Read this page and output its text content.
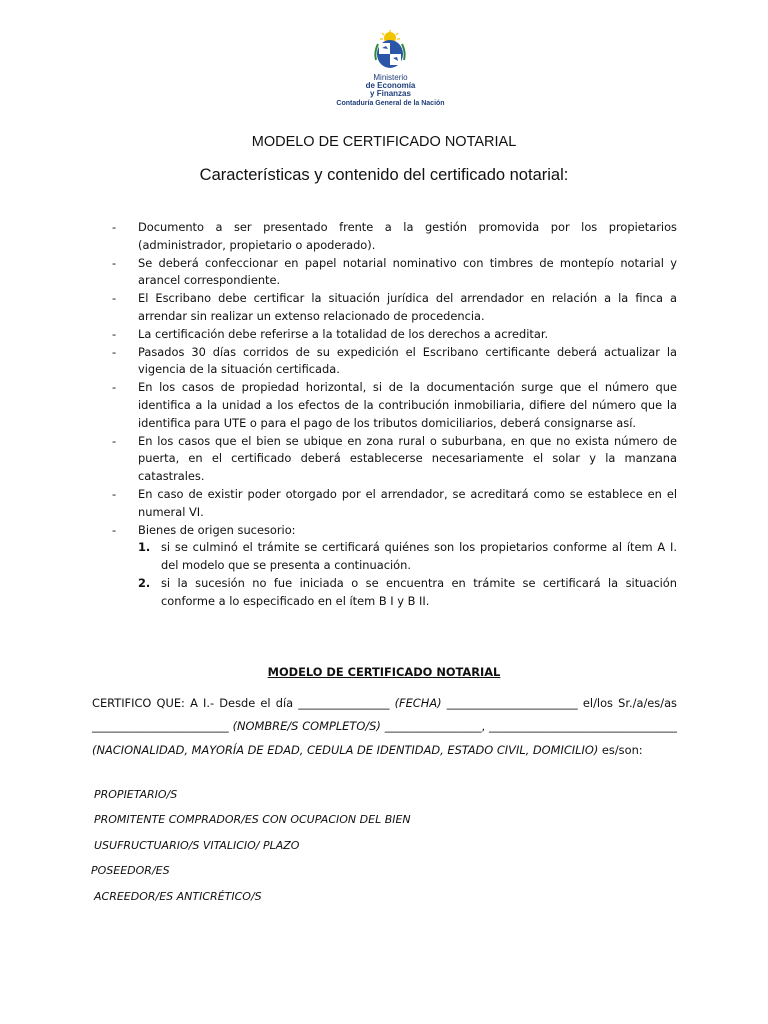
Ministerio
de Economía
y Finanzas
Contaduría General de la Nación
MODELO DE CERTIFICADO NOTARIAL
Características y contenido del certificado notarial:
- Documento a ser presentado frente a la gestión promovida por los propietarios (administrador, propietario o apoderado).
- Se deberá confeccionar en papel notarial nominativo con timbres de montepío notarial y arancel correspondiente.
- El Escribano debe certificar la situación jurídica del arrendador en relación a la finca a arrendar sin realizar un extenso relacionado de procedencia.
- La certificación debe referirse a la totalidad de los derechos a acreditar.
- Pasados 30 días corridos de su expedición el Escribano certificante deberá actualizar la vigencia de la situación certificada.
- En los casos de propiedad horizontal, si de la documentación surge que el número que identifica a la unidad a los efectos de la contribución inmobiliaria, difiere del número que la identifica para UTE o para el pago de los tributos domiciliarios, deberá consignarse así.
- En los casos que el bien se ubique en zona rural o suburbana, en que no exista número de puerta, en el certificado deberá establecerse necesariamente el solar y la manzana catastrales.
- En caso de existir poder otorgado por el arrendador, se acreditará como se establece en el numeral VI.
- Bienes de origen sucesorio:
1. si se culminó el trámite se certificará quiénes son los propietarios conforme al ítem A I. del modelo que se presenta a continuación.
2. si la sucesión no fue iniciada o se encuentra en trámite se certificará la situación conforme a lo especificado en el ítem B I y B II.
MODELO DE CERTIFICADO NOTARIAL
CERTIFICO QUE: A I.- Desde el día ________________ (FECHA) _______________________ el/los Sr./a/es/as ________________________ (NOMBRE/S COMPLETO/S) _________________, _________________________________ (NACIONALIDAD, MAYORÍA DE EDAD, CEDULA DE IDENTIDAD, ESTADO CIVIL, DOMICILIO) es/son:
PROPIETARIO/S
PROMITENTE COMPRADOR/ES CON OCUPACION DEL BIEN
USUFRUCTUARIO/S VITALICIO/ PLAZO
POSEEDOR/ES
ACREEDOR/ES ANTICRÉTICO/S
